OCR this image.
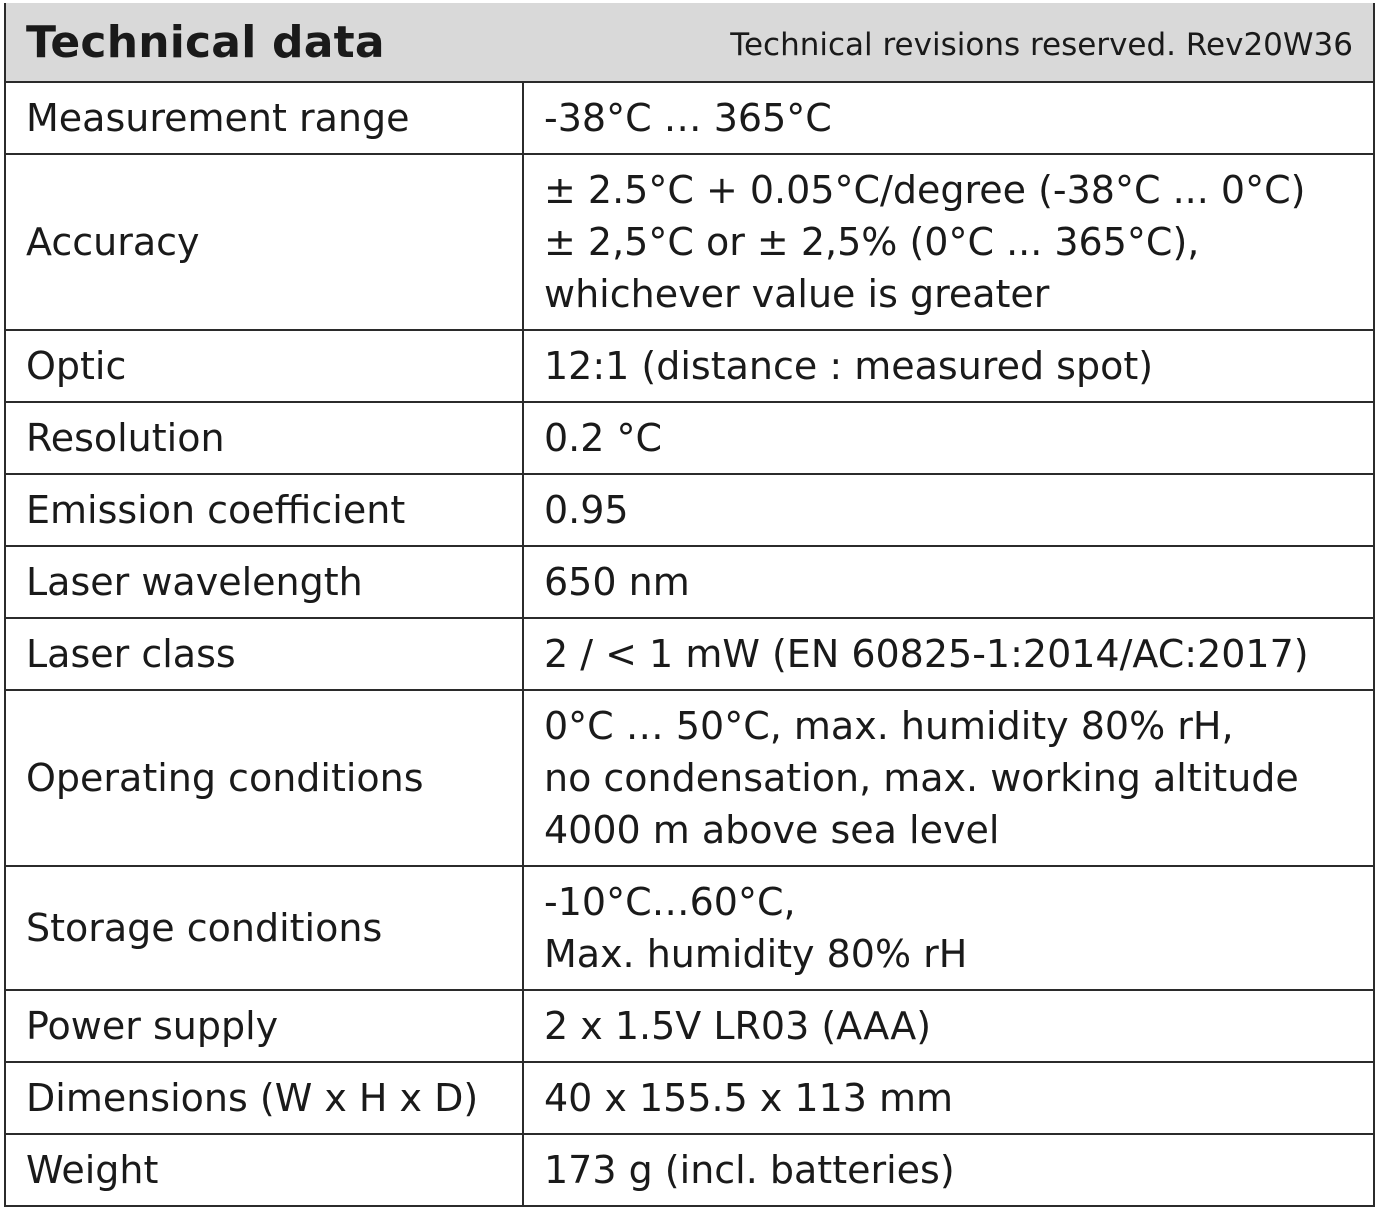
Technical data	Technical revisions reserved. Rev20W36
Measurement range	-38°C … 365°C
Accuracy	± 2.5°C + 0.05°C/degree (-38°C ... 0°C)
± 2,5°C or ± 2,5% (0°C ... 365°C),
whichever value is greater
Optic	12:1 (distance : measured spot)
Resolution	0.2 °C
Emission coefficient	0.95
Laser wavelength	650 nm
Laser class	2 / < 1 mW (EN 60825-1:2014/AC:2017)
Operating conditions	0°C … 50°C, max. humidity 80% rH,
no condensation, max. working altitude
4000 m above sea level
Storage conditions	-10°C…60°C,
Max. humidity 80% rH
Power supply	2 x 1.5V LR03 (AAA)
Dimensions (W x H x D)	40 x 155.5 x 113 mm
Weight	173 g (incl. batteries)
